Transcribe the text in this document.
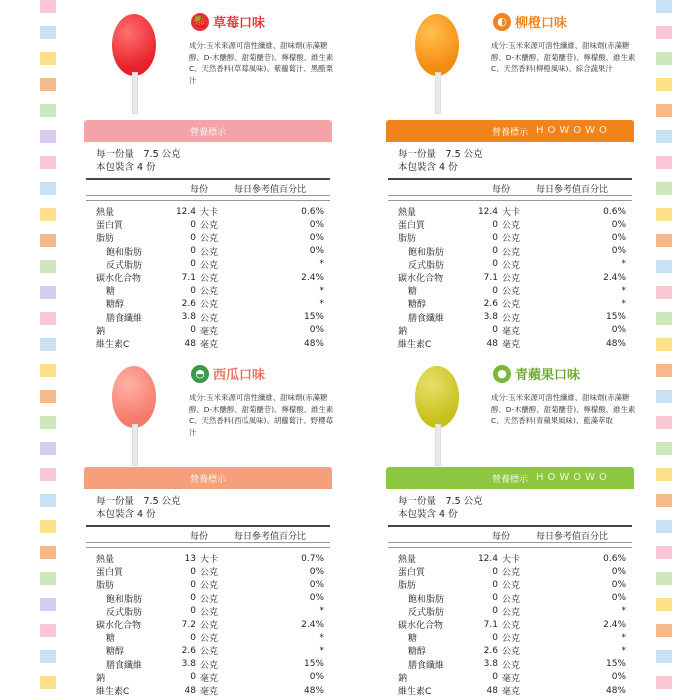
🍓 草莓口味
成分:玉米來源可溶性纖維、甜味劑(赤藻糖醇、D-木醣醇、甜菊醣苷)、檸檬酸、維生素C、天然香料(草莓風味)、紫蘿蔔汁、黑醋栗汁
營養標示
每一份量　7.5 公克
本包裝含 4 份
每份	每日參考值百分比
熱量	12.4 大卡	0.6%
蛋白質	0 公克	0%
脂肪	0 公克	0%
飽和脂肪	0 公克	0%
反式脂肪	0 公克	*
碳水化合物	7.1 公克	2.4%
糖	0 公克	*
糖醇	2.6 公克	*
膳食纖維	3.8 公克	15%
鈉	0 毫克	0%
維生素C	48 毫克	48%
◐ 柳橙口味
成分:玉米來源可溶性纖維、甜味劑(赤藻糖醇、D-木醣醇、甜菊醣苷)、檸檬酸、維生素C、天然香料(柳橙風味)、綜合蔬果汁
營養標示 HOWOWO
每一份量　7.5 公克
本包裝含 4 份
每份	每日參考值百分比
熱量	12.4 大卡	0.6%
蛋白質	0 公克	0%
脂肪	0 公克	0%
飽和脂肪	0 公克	0%
反式脂肪	0 公克	*
碳水化合物	7.1 公克	2.4%
糖	0 公克	*
糖醇	2.6 公克	*
膳食纖維	3.8 公克	15%
鈉	0 毫克	0%
維生素C	48 毫克	48%
◓ 西瓜口味
成分:玉米來源可溶性纖維、甜味劑(赤藻糖醇、D-木醣醇、甜菊醣苷)、檸檬酸、維生素C、天然香料(西瓜風味)、胡蘿蔔汁、野櫻莓汁
營養標示
每一份量　7.5 公克
本包裝含 4 份
每份	每日參考值百分比
熱量	13 大卡	0.7%
蛋白質	0 公克	0%
脂肪	0 公克	0%
飽和脂肪	0 公克	0%
反式脂肪	0 公克	*
碳水化合物	7.2 公克	2.4%
糖	0 公克	*
糖醇	2.6 公克	*
膳食纖維	3.8 公克	15%
鈉	0 毫克	0%
維生素C	48 毫克	48%
● 青蘋果口味
成分:玉米來源可溶性纖維、甜味劑(赤藻糖醇、D-木醣醇、甜菊醣苷)、檸檬酸、維生素C、天然香料(青蘋果風味)、藍藻萃取
營養標示 HOWOWO
每一份量　7.5 公克
本包裝含 4 份
每份	每日參考值百分比
熱量	12.4 大卡	0.6%
蛋白質	0 公克	0%
脂肪	0 公克	0%
飽和脂肪	0 公克	0%
反式脂肪	0 公克	*
碳水化合物	7.1 公克	2.4%
糖	0 公克	*
糖醇	2.6 公克	*
膳食纖維	3.8 公克	15%
鈉	0 毫克	0%
維生素C	48 毫克	48%
